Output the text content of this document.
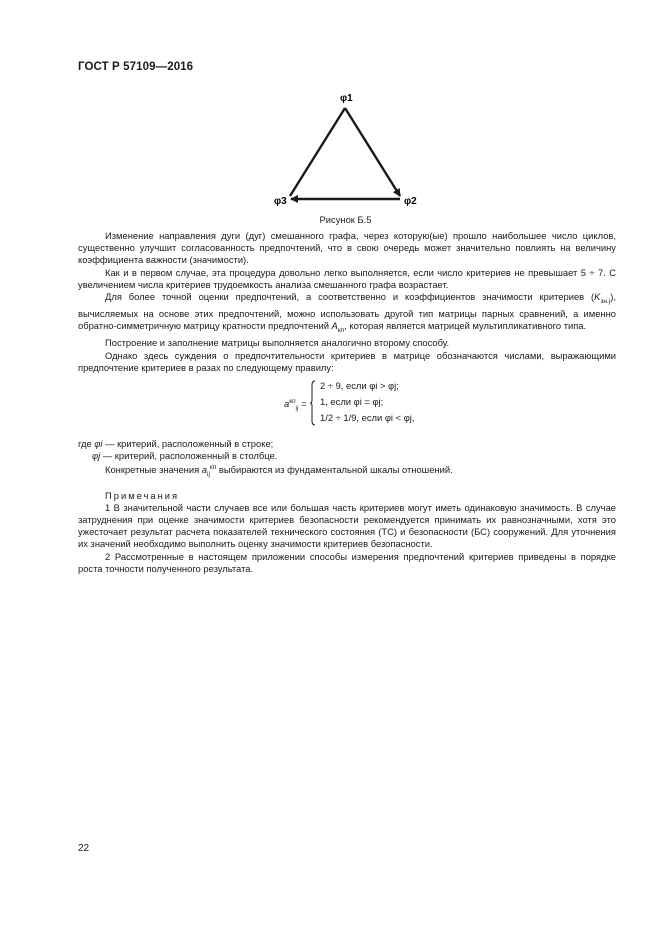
ГОСТ Р 57109—2016
φ1
φ2
φ3
Рисунок Б.5

Изменение направления дуги (дуг) смешанного графа, через которую(ые) прошло наибольшее число циклов, существенно улучшит согласованность предпочтений, что в свою очередь может значительно повлиять на величину коэффициента важности (значимости).

Как и в первом случае, эта процедура довольно легко выполняется, если число критериев не превышает 5 ÷ 7. С увеличением числа критериев трудоемкость анализа смешанного графа возрастает.

Для более точной оценки предпочтений, а соответственно и коэффициентов значимости критериев $(K_{зн.j})$, вычисляемых на основе этих предпочтений, можно использовать другой тип матрицы парных сравнений, а именно обратно-симметричную матрицу кратности предпочтений $A_{кп}$, которая является матрицей мультипликативного типа.

Построение и заполнение матрицы выполняется аналогично второму способу.

Однако здесь суждения о предпочтительности критериев в матрице обозначаются числами, выражающими предпочтение критериев в разах по следующему правилу:

$a^{кп}_{ij}$ =
2 ÷ 9, если φi > φj;
1, если φi = φj;
1/2 ÷ 1/9, если φi < φj,

где φi — критерий, расположенный в строке;

φj — критерий, расположенный в столбце.

Конкретные значения $a_{ij}^{кп}$ выбираются из фундаментальной шкалы отношений.

Примечания

1 В значительной части случаев все или большая часть критериев могут иметь одинаковую значимость. В случае затруднения при оценке значимости критериев безопасности рекомендуется принимать их равнозначными, хотя это ужесточает результат расчета показателей технического состояния (ТС) и безопасности (БС) сооружений. Для уточнения их значений необходимо выполнить оценку значимости критериев безопасности.

2 Рассмотренные в настоящем приложении способы измерения предпочтений критериев приведены в порядке роста точности полученного результата.

22
